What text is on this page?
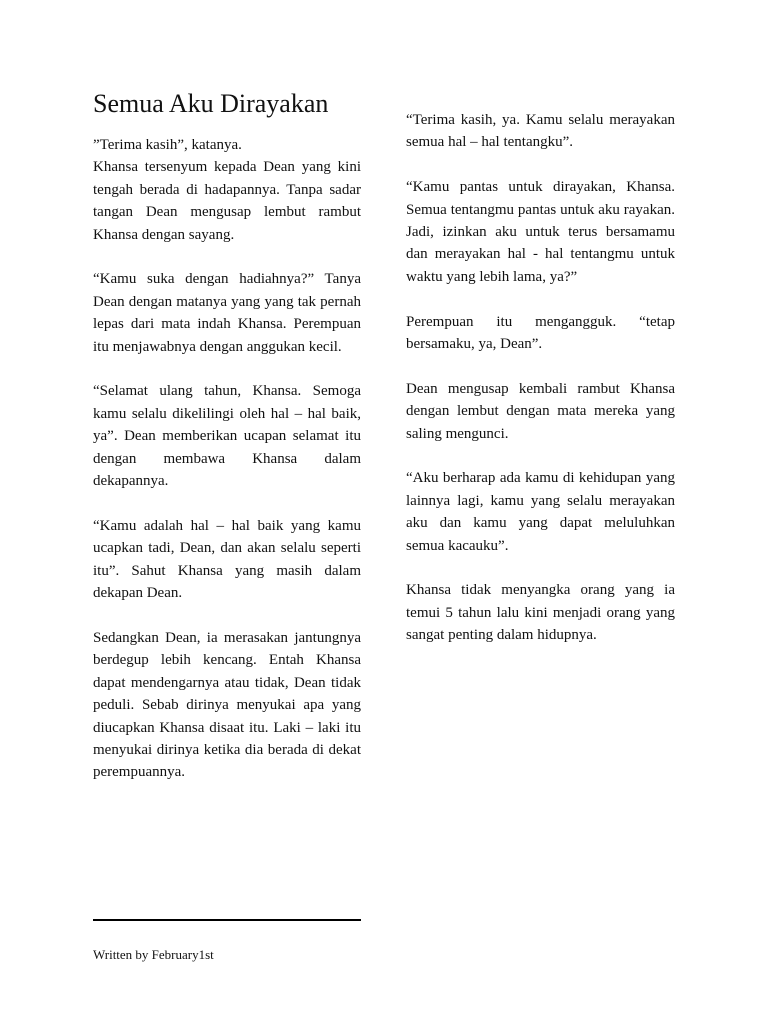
Semua Aku Dirayakan

”Terima kasih”, katanya.

Khansa tersenyum kepada Dean yang kini tengah berada di hadapannya. Tanpa sadar tangan Dean mengusap lembut rambut Khansa dengan sayang.

“Kamu suka dengan hadiahnya?” Tanya Dean dengan matanya yang yang tak pernah lepas dari mata indah Khansa. Perempuan itu menjawabnya dengan anggukan kecil.

“Selamat ulang tahun, Khansa. Semoga kamu selalu dikelilingi oleh hal – hal baik, ya”. Dean memberikan ucapan selamat itu dengan membawa Khansa dalam dekapannya.

“Kamu adalah hal – hal baik yang kamu ucapkan tadi, Dean, dan akan selalu seperti itu”. Sahut Khansa yang masih dalam dekapan Dean.

Sedangkan Dean, ia merasakan jantungnya berdegup lebih kencang. Entah Khansa dapat mendengarnya atau tidak, Dean tidak peduli. Sebab dirinya menyukai apa yang diucapkan Khansa disaat itu. Laki – laki itu menyukai dirinya ketika dia berada di dekat perempuannya.

“Terima kasih, ya. Kamu selalu merayakan semua hal – hal tentangku”.

“Kamu pantas untuk dirayakan, Khansa. Semua tentangmu pantas untuk aku rayakan. Jadi, izinkan aku untuk terus bersamamu dan merayakan hal - hal tentangmu untuk waktu yang lebih lama, ya?”

Perempuan itu mengangguk. “tetap bersamaku, ya, Dean”.

Dean mengusap kembali rambut Khansa dengan lembut dengan mata mereka yang saling mengunci.

“Aku berharap ada kamu di kehidupan yang lainnya lagi, kamu yang selalu merayakan aku dan kamu yang dapat meluluhkan semua kacauku”.

Khansa tidak menyangka orang yang ia temui 5 tahun lalu kini menjadi orang yang sangat penting dalam hidupnya.

Written by February1st
